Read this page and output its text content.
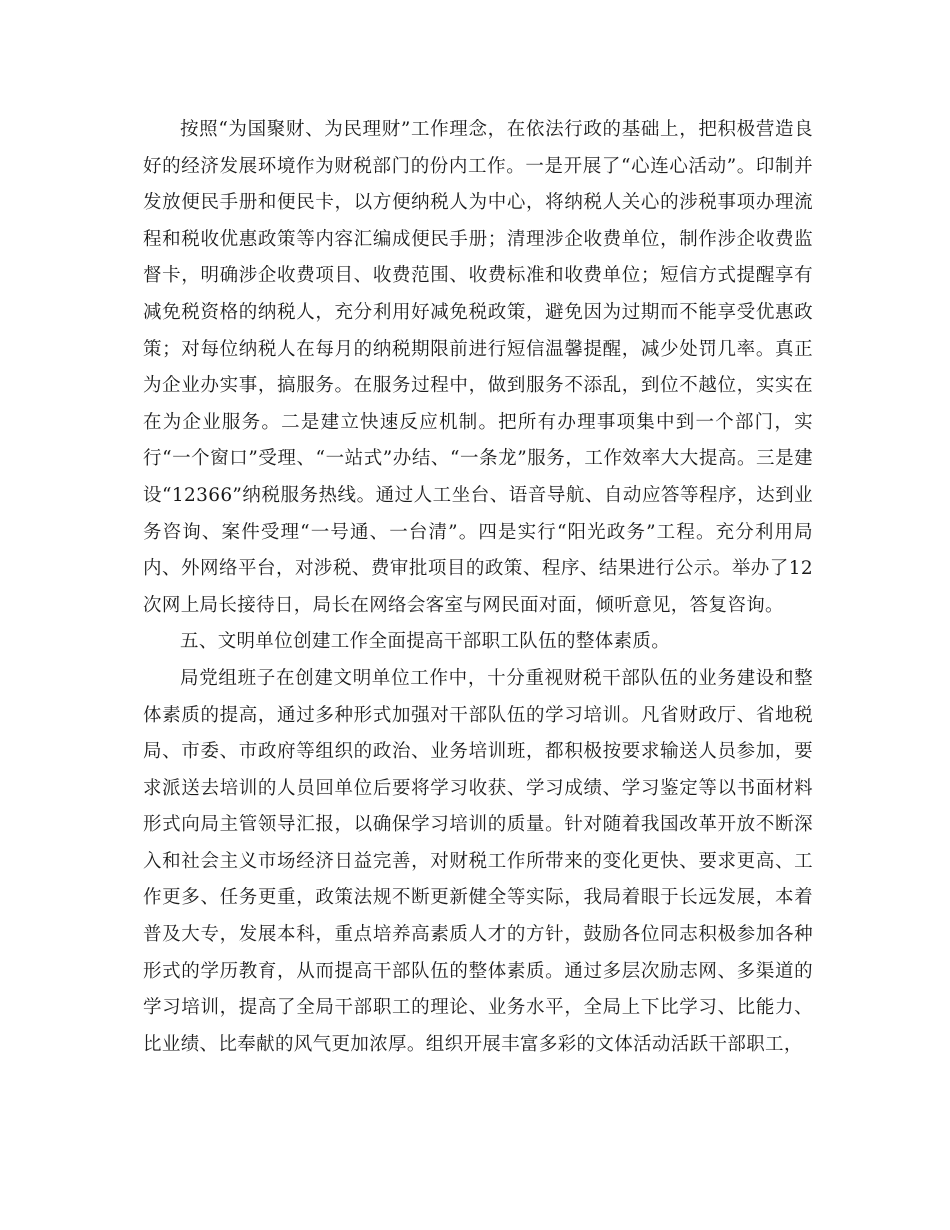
按照“为国聚财、为民理财”工作理念，在依法行政的基础上，把积极营造良好的经济发展环境作为财税部门的份内工作。一是开展了“心连心活动”。印制并发放便民手册和便民卡，以方便纳税人为中心，将纳税人关心的涉税事项办理流程和税收优惠政策等内容汇编成便民手册；清理涉企收费单位，制作涉企收费监督卡，明确涉企收费项目、收费范围、收费标准和收费单位；短信方式提醒享有减免税资格的纳税人，充分利用好减免税政策，避免因为过期而不能享受优惠政策；对每位纳税人在每月的纳税期限前进行短信温馨提醒，减少处罚几率。真正为企业办实事，搞服务。在服务过程中，做到服务不添乱，到位不越位，实实在在为企业服务。二是建立快速反应机制。把所有办理事项集中到一个部门，实行“一个窗口”受理、“一站式”办结、“一条龙”服务，工作效率大大提高。三是建设“12366”纳税服务热线。通过人工坐台、语音导航、自动应答等程序，达到业务咨询、案件受理“一号通、一台清”。四是实行“阳光政务”工程。充分利用局内、外网络平台，对涉税、费审批项目的政策、程序、结果进行公示。举办了12次网上局长接待日，局长在网络会客室与网民面对面，倾听意见，答复咨询。

五、文明单位创建工作全面提高干部职工队伍的整体素质。

局党组班子在创建文明单位工作中，十分重视财税干部队伍的业务建设和整体素质的提高，通过多种形式加强对干部队伍的学习培训。凡省财政厅、省地税局、市委、市政府等组织的政治、业务培训班，都积极按要求输送人员参加，要求派送去培训的人员回单位后要将学习收获、学习成绩、学习鉴定等以书面材料形式向局主管领导汇报，以确保学习培训的质量。针对随着我国改革开放不断深入和社会主义市场经济日益完善，对财税工作所带来的变化更快、要求更高、工作更多、任务更重，政策法规不断更新健全等实际，我局着眼于长远发展，本着普及大专，发展本科，重点培养高素质人才的方针，鼓励各位同志积极参加各种形式的学历教育，从而提高干部队伍的整体素质。通过多层次励志网、多渠道的学习培训，提高了全局干部职工的理论、业务水平，全局上下比学习、比能力、比业绩、比奉献的风气更加浓厚。组织开展丰富多彩的文体活动活跃干部职工，
